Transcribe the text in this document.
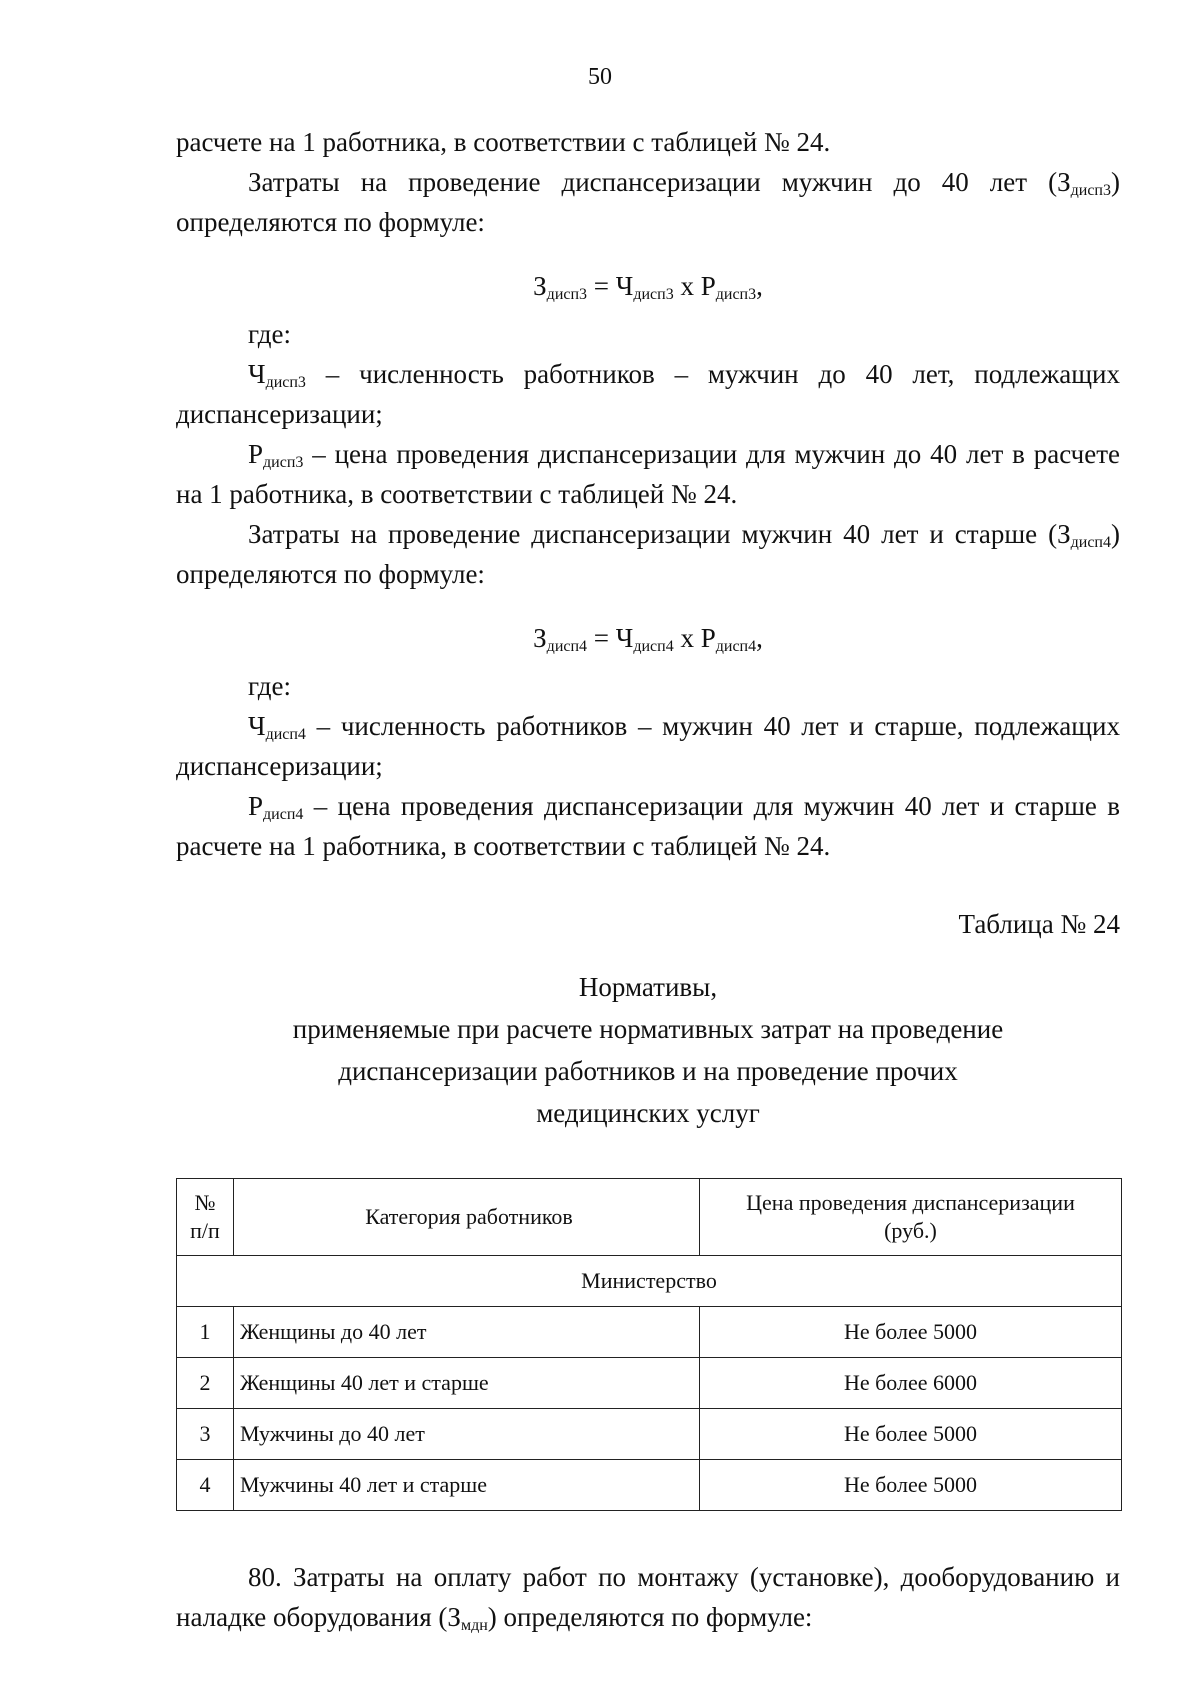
50

расчете на 1 работника, в соответствии с таблицей № 24.

Затраты на проведение диспансеризации мужчин до 40 лет $(З_{дисп3})$ определяются по формуле:

$З_{дисп3} = Ч_{дисп3}$ x $Р_{дисп3}$,

где:

$Ч_{дисп3}$ – численность работников – мужчин до 40 лет, подлежащих диспансеризации;

$Р_{дисп3}$ – цена проведения диспансеризации для мужчин до 40 лет в расчете на 1 работника, в соответствии с таблицей № 24.

Затраты на проведение диспансеризации мужчин 40 лет и старше $(З_{дисп4})$ определяются по формуле:

$З_{дисп4} = Ч_{дисп4}$ x $Р_{дисп4}$,

где:

$Ч_{дисп4}$ – численность работников – мужчин 40 лет и старше, подлежащих диспансеризации;

$Р_{дисп4}$ – цена проведения диспансеризации для мужчин 40 лет и старше в расчете на 1 работника, в соответствии с таблицей № 24.

Таблица № 24

Нормативы,
применяемые при расчете нормативных затрат на проведение
диспансеризации работников и на проведение прочих
медицинских услуг
№
п/п	Категория работников	Цена проведения диспансеризации
(руб.)
Министерство		
1	Женщины до 40 лет	Не более 5000
2	Женщины 40 лет и старше	Не более 6000
3	Мужчины до 40 лет	Не более 5000
4	Мужчины 40 лет и старше	Не более 5000

80. Затраты на оплату работ по монтажу (установке), дооборудованию и наладке оборудования $(З_{мдн})$ определяются по формуле:
